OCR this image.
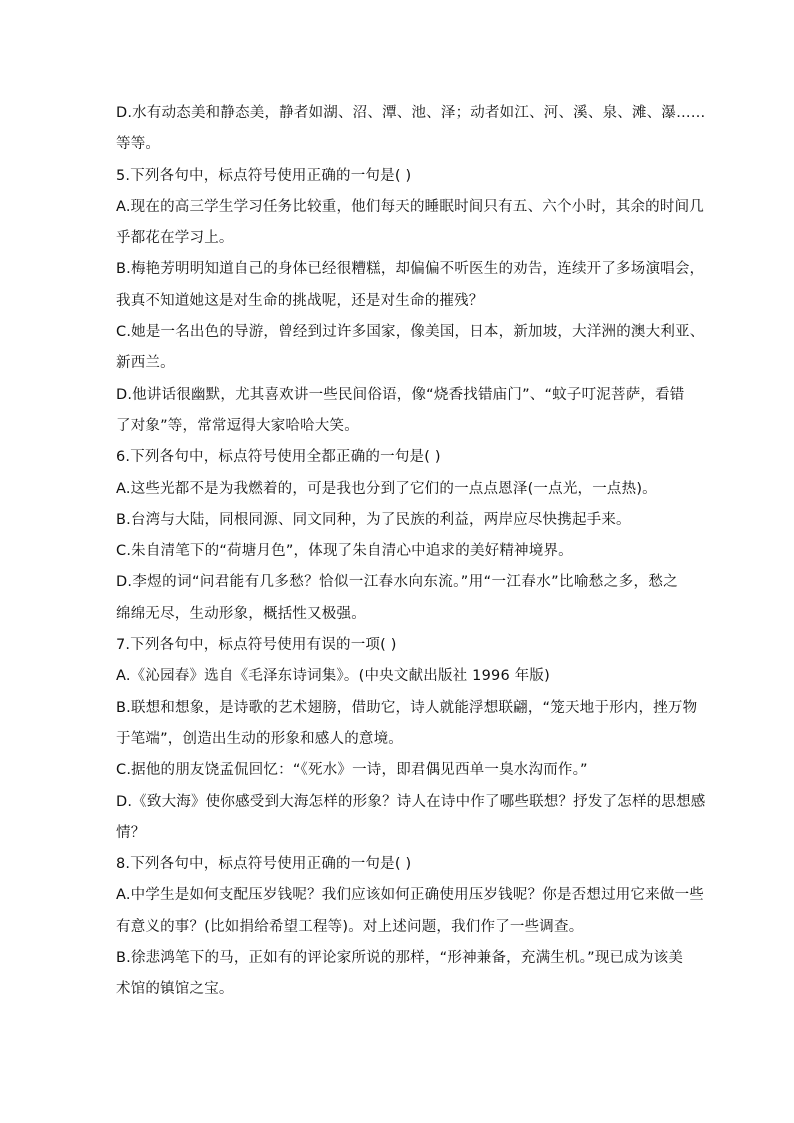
D.水有动态美和静态美，静者如湖、沼、潭、池、泽；动者如江、河、溪、泉、滩、瀑……
等等。
5.下列各句中，标点符号使用正确的一句是( )
A.现在的高三学生学习任务比较重，他们每天的睡眠时间只有五、六个小时，其余的时间几
乎都花在学习上。
B.梅艳芳明明知道自己的身体已经很糟糕，却偏偏不听医生的劝告，连续开了多场演唱会，
我真不知道她这是对生命的挑战呢，还是对生命的摧残？
C.她是一名出色的导游，曾经到过许多国家，像美国，日本，新加坡，大洋洲的澳大利亚、
新西兰。
D.他讲话很幽默，尤其喜欢讲一些民间俗语，像“烧香找错庙门”、“蚊子叮泥菩萨，看错
了对象”等，常常逗得大家哈哈大笑。
6.下列各句中，标点符号使用全都正确的一句是( )
A.这些光都不是为我燃着的，可是我也分到了它们的一点点恩泽(一点光，一点热)。
B.台湾与大陆，同根同源、同文同种，为了民族的利益，两岸应尽快携起手来。
C.朱自清笔下的“荷塘月色”，体现了朱自清心中追求的美好精神境界。
D.李煜的词“问君能有几多愁？恰似一江春水向东流。”用“一江春水”比喻愁之多，愁之
绵绵无尽，生动形象，概括性又极强。
7.下列各句中，标点符号使用有误的一项( )
A.《沁园春》选自《毛泽东诗词集》。(中央文献出版社 1996 年版)
B.联想和想象，是诗歌的艺术翅膀，借助它，诗人就能浮想联翩，“笼天地于形内，挫万物
于笔端”，创造出生动的形象和感人的意境。
C.据他的朋友饶孟侃回忆：“《死水》一诗，即君偶见西单一臭水沟而作。”
D.《致大海》使你感受到大海怎样的形象？诗人在诗中作了哪些联想？抒发了怎样的思想感
情？
8.下列各句中，标点符号使用正确的一句是( )
A.中学生是如何支配压岁钱呢？我们应该如何正确使用压岁钱呢？你是否想过用它来做一些
有意义的事？(比如捐给希望工程等)。对上述问题，我们作了一些调查。
B.徐悲鸿笔下的马，正如有的评论家所说的那样，“形神兼备，充满生机。”现已成为该美
术馆的镇馆之宝。
